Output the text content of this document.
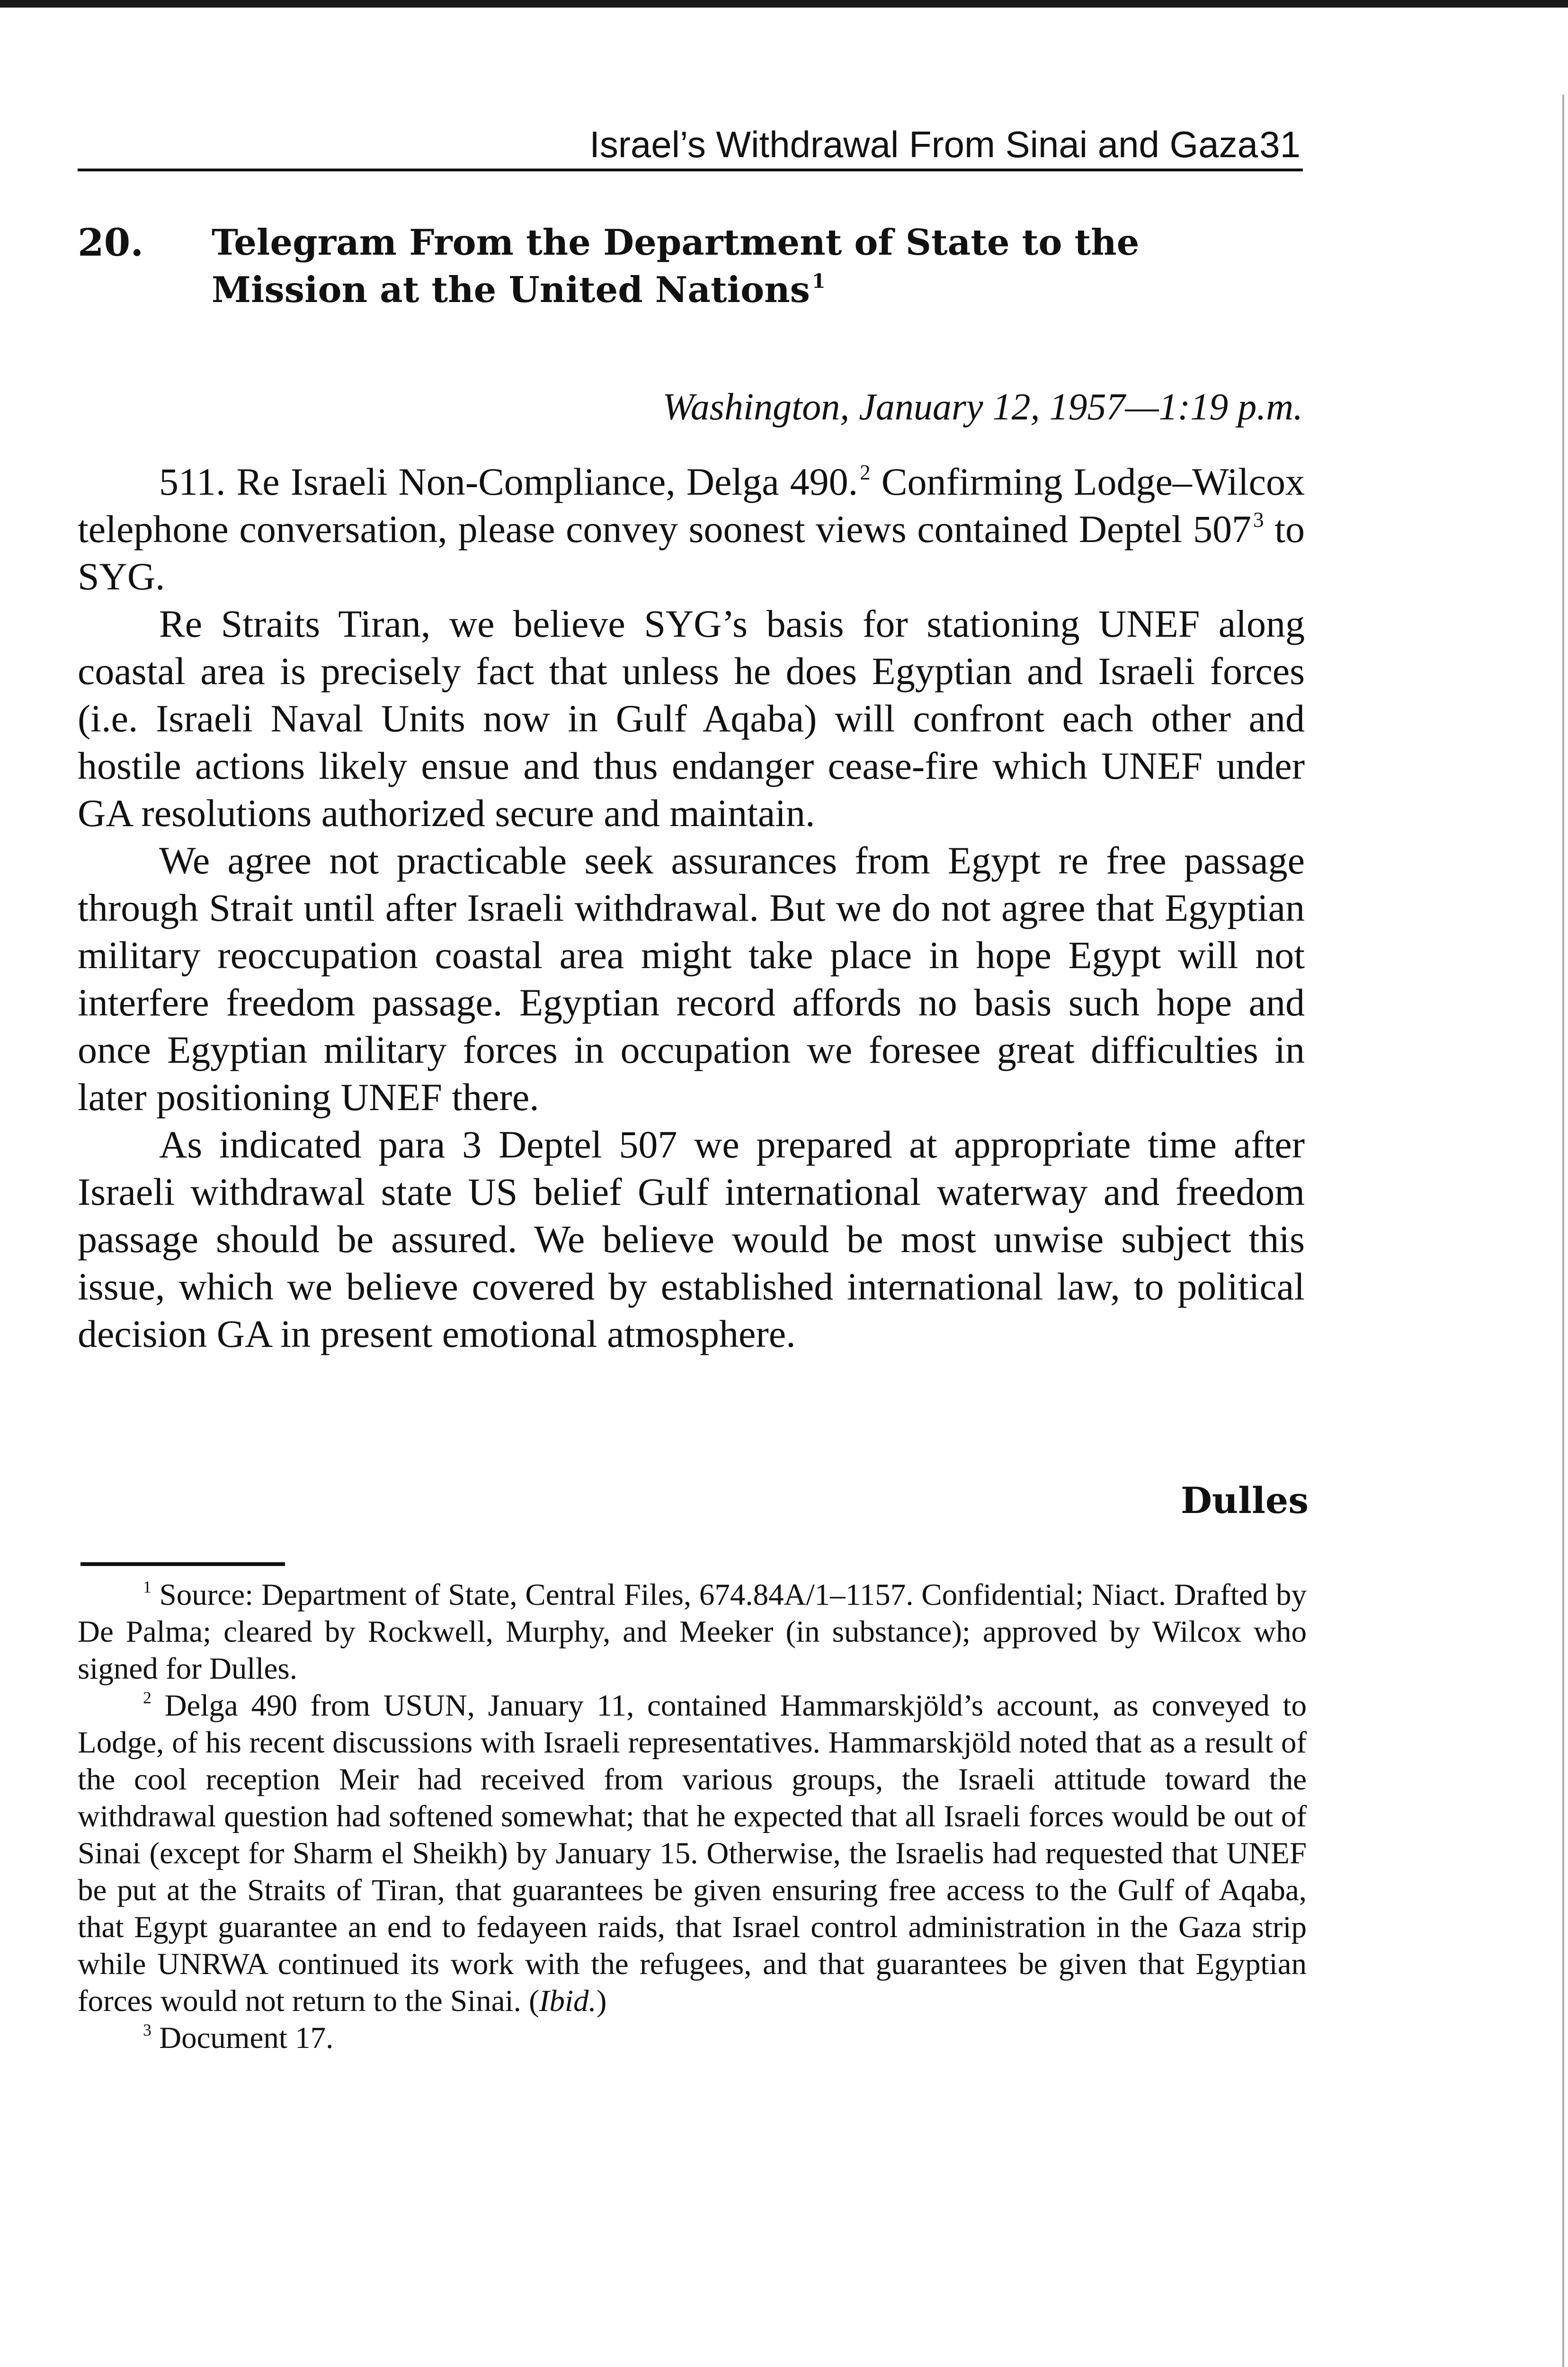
Israel’s Withdrawal From Sinai and Gaza 31
20. Telegram From the Department of State to the Mission at the United Nations$^1$
Washington, January 12, 1957—1:19 p.m.

511. Re Israeli Non-Compliance, Delga 490.$^2$ Confirming Lodge–Wilcox telephone conversation, please convey soonest views contained Deptel $507^3$ to SYG.

Re Straits Tiran, we believe SYG’s basis for stationing UNEF along coastal area is precisely fact that unless he does Egyptian and Israeli forces (i.e. Israeli Naval Units now in Gulf Aqaba) will confront each other and hostile actions likely ensue and thus endanger cease-fire which UNEF under GA resolutions authorized secure and maintain.

We agree not practicable seek assurances from Egypt re free passage through Strait until after Israeli withdrawal. But we do not agree that Egyptian military reoccupation coastal area might take place in hope Egypt will not interfere freedom passage. Egyptian record affords no basis such hope and once Egyptian military forces in occupation we foresee great difficulties in later positioning UNEF there.

As indicated para 3 Deptel 507 we prepared at appropriate time after Israeli withdrawal state US belief Gulf international waterway and freedom passage should be assured. We believe would be most unwise subject this issue, which we believe covered by established international law, to political decision GA in present emotional atmosphere.

Dulles

$^1$ Source: Department of State, Central Files, 674.84A/1–1157. Confidential; Niact. Drafted by De Palma; cleared by Rockwell, Murphy, and Meeker (in substance); approved by Wilcox who signed for Dulles.

$^2$ Delga 490 from USUN, January 11, contained Hammarskjöld’s account, as conveyed to Lodge, of his recent discussions with Israeli representatives. Hammarskjöld noted that as a result of the cool reception Meir had received from various groups, the Israeli attitude toward the withdrawal question had softened somewhat; that he expected that all Israeli forces would be out of Sinai (except for Sharm el Sheikh) by January 15. Otherwise, the Israelis had requested that UNEF be put at the Straits of Tiran, that guarantees be given ensuring free access to the Gulf of Aqaba, that Egypt guarantee an end to fedayeen raids, that Israel control administration in the Gaza strip while UNRWA continued its work with the refugees, and that guarantees be given that Egyptian forces would not return to the Sinai. (Ibid.)

$^3$ Document 17.
